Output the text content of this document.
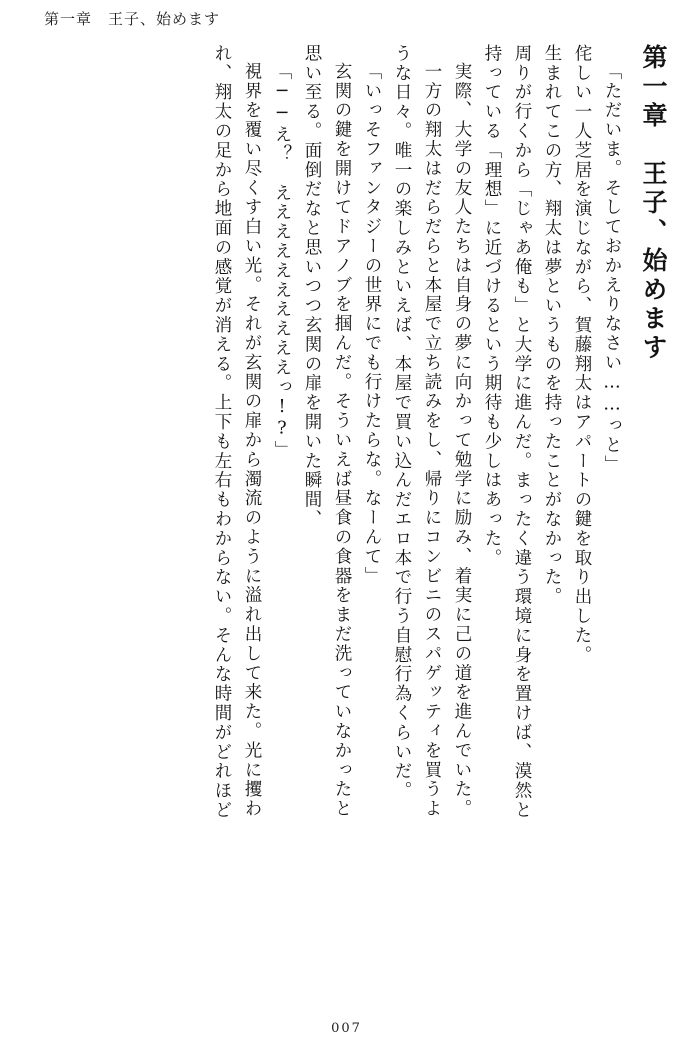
第一章　王子、始めます
第一章　王子、始めます
「ただいま。そしておかえりなさい……っと」
侘しい一人芝居を演じながら、賀藤翔太はアパートの鍵を取り出した。
生まれてこの方、翔太は夢というものを持ったことがなかった。
周りが行くから「じゃあ俺も」と大学に進んだ。まったく違う環境に身を置けば、漠然と
持っている「理想」に近づけるという期待も少しはあった。
実際、大学の友人たちは自身の夢に向かって勉学に励み、着実に己の道を進んでいた。
一方の翔太はだらだらと本屋で立ち読みをし、帰りにコンビニのスパゲッティを買うよ
うな日々。唯一の楽しみといえば、本屋で買い込んだエロ本で行う自慰行為くらいだ。
「いっそファンタジーの世界にでも行けたらな。なーんて」
玄関の鍵を開けてドアノブを掴んだ。そういえば昼食の食器をまだ洗っていなかったと
思い至る。面倒だなと思いつつ玄関の扉を開いた瞬間、
「──え？　ええええええええええっ!?」
視界を覆い尽くす白い光。それが玄関の扉から濁流のように溢れ出して来た。光に攫わ
れ、翔太の足から地面の感覚が消える。上下も左右もわからない。そんな時間がどれほど
007
